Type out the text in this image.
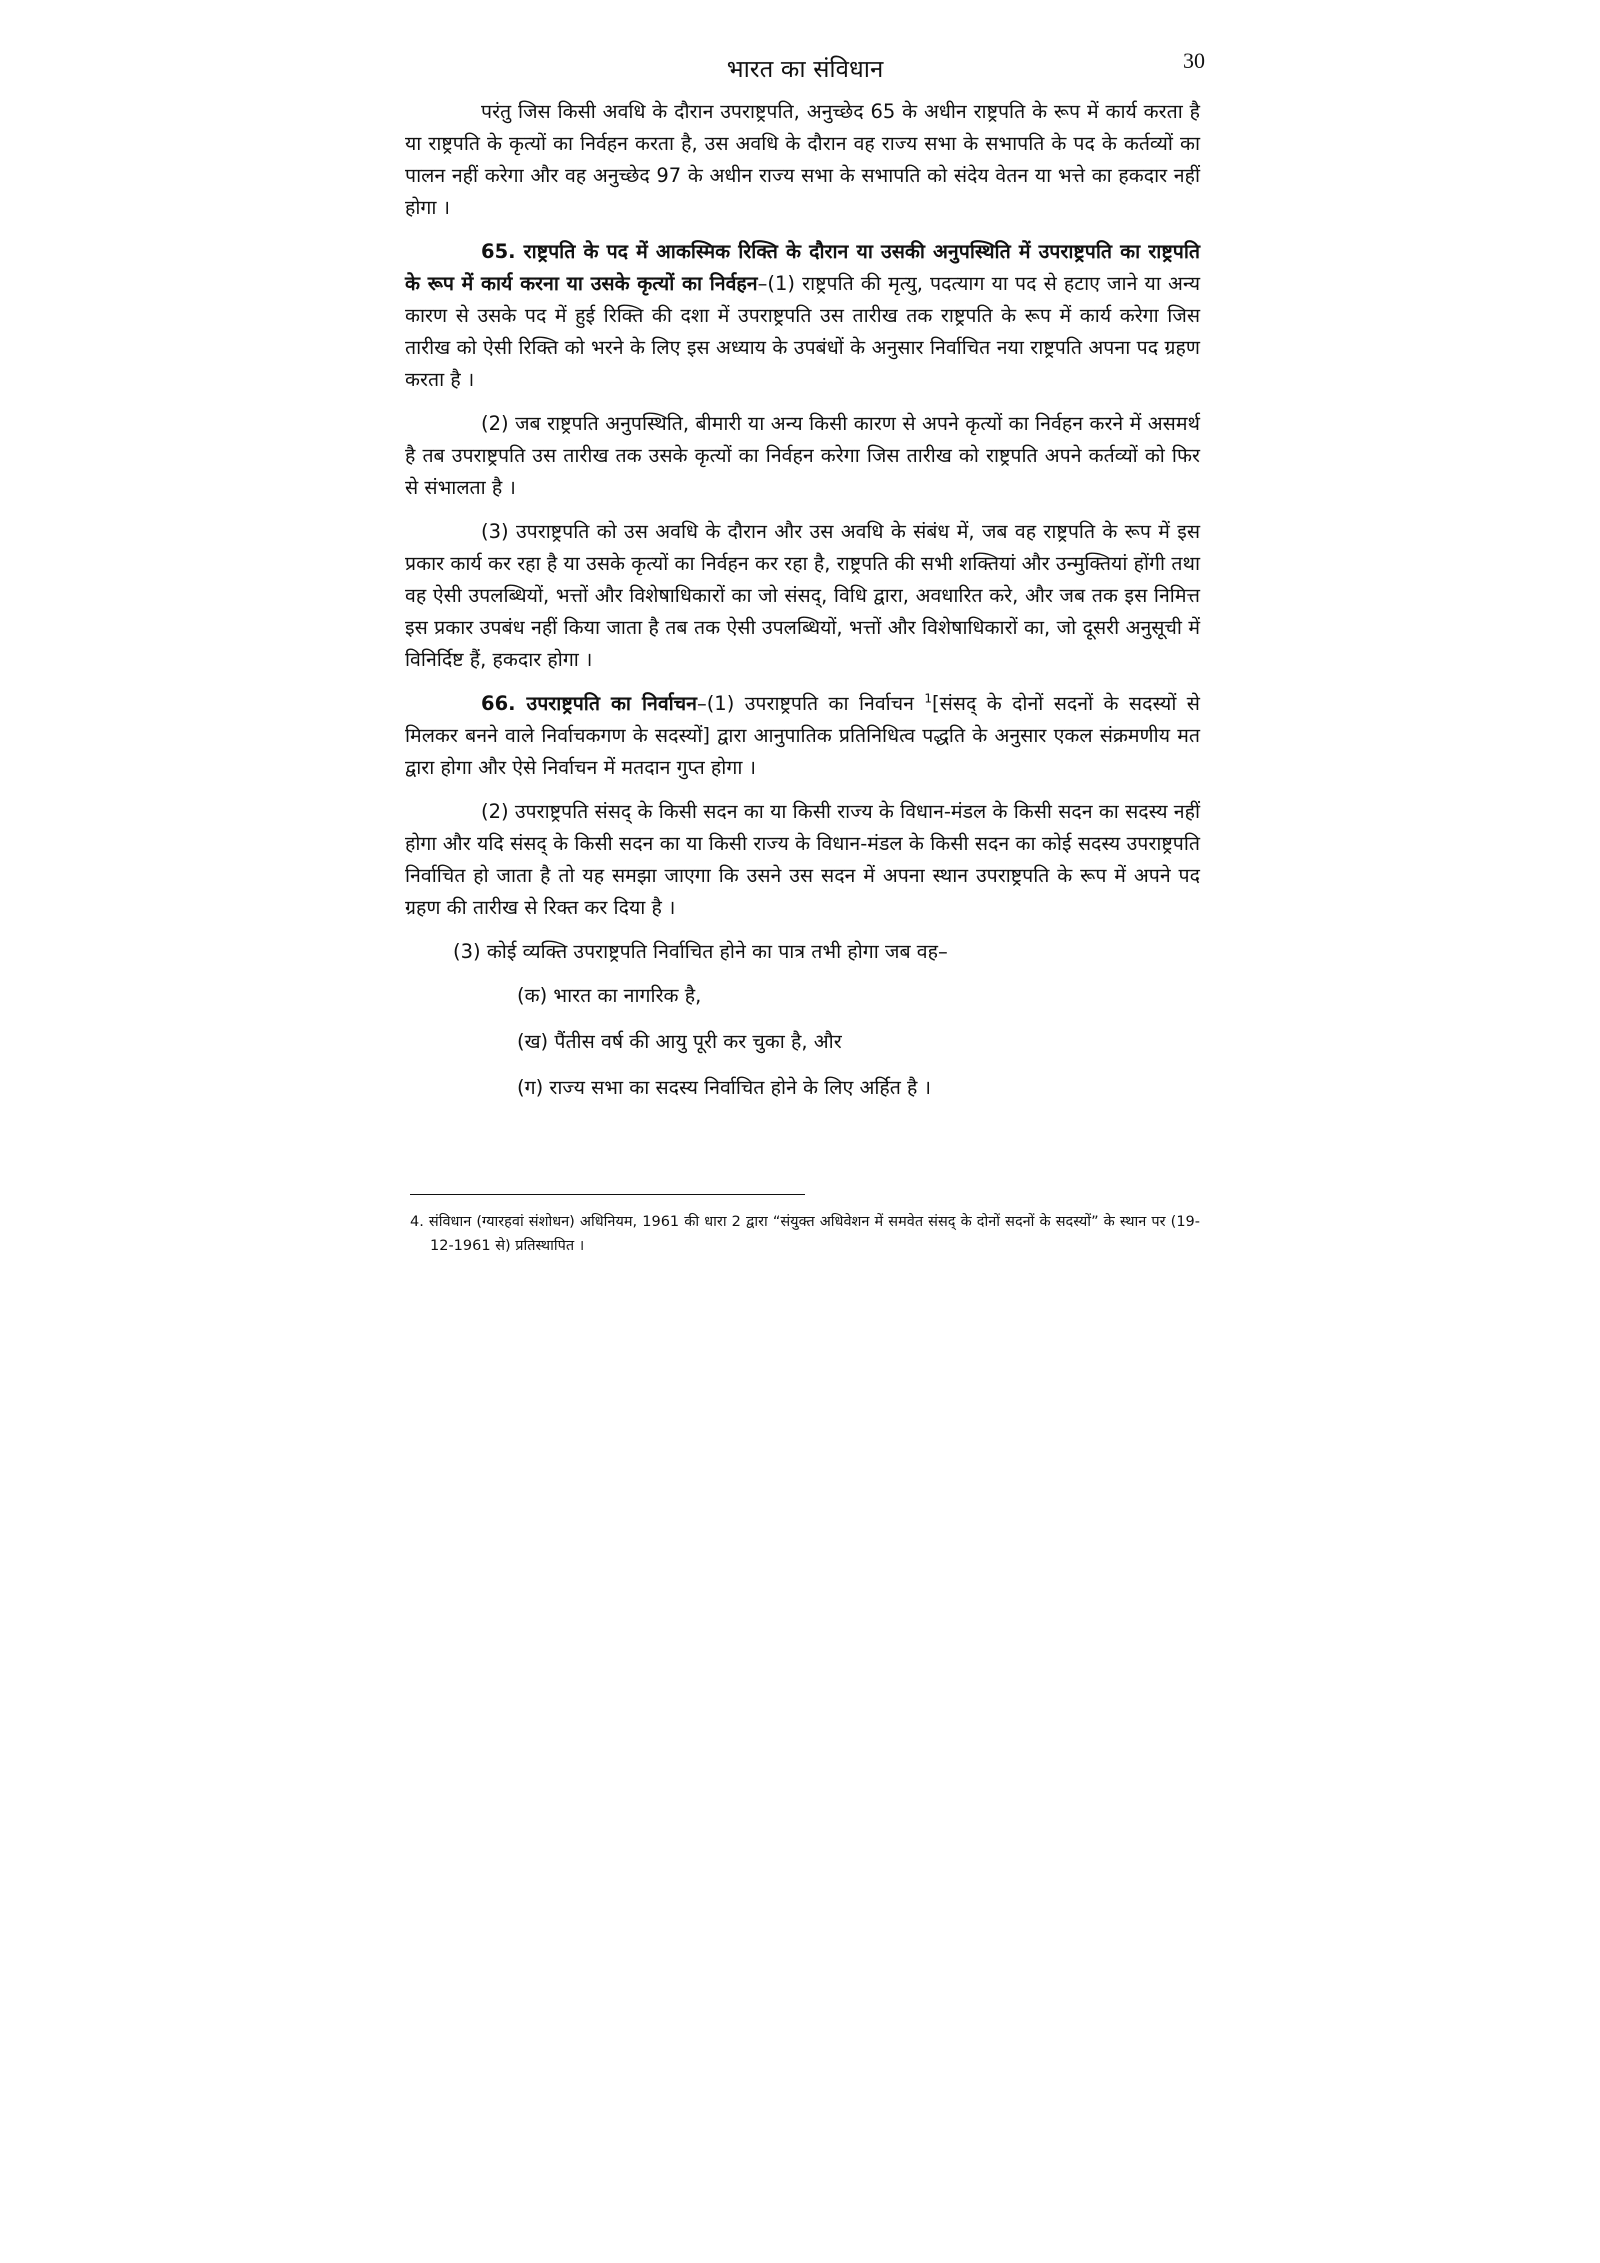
भारत का संविधान	30

परंतु जिस किसी अवधि के दौरान उपराष्ट्रपति, अनुच्छेद 65 के अधीन राष्ट्रपति के रूप में कार्य करता है या राष्ट्रपति के कृत्यों का निर्वहन करता है, उस अवधि के दौरान वह राज्य सभा के सभापति के पद के कर्तव्यों का पालन नहीं करेगा और वह अनुच्छेद 97 के अधीन राज्य सभा के सभापति को संदेय वेतन या भत्ते का हकदार नहीं होगा ।

65. राष्ट्रपति के पद में आकस्मिक रिक्ति के दौरान या उसकी अनुपस्थिति में उपराष्ट्रपति का राष्ट्रपति के रूप में कार्य करना या उसके कृत्यों का निर्वहन–(1) राष्ट्रपति की मृत्यु, पदत्याग या पद से हटाए जाने या अन्य कारण से उसके पद में हुई रिक्ति की दशा में उपराष्ट्रपति उस तारीख तक राष्ट्रपति के रूप में कार्य करेगा जिस तारीख को ऐसी रिक्ति को भरने के लिए इस अध्याय के उपबंधों के अनुसार निर्वाचित नया राष्ट्रपति अपना पद ग्रहण करता है ।

(2) जब राष्ट्रपति अनुपस्थिति, बीमारी या अन्य किसी कारण से अपने कृत्यों का निर्वहन करने में असमर्थ है तब उपराष्ट्रपति उस तारीख तक उसके कृत्यों का निर्वहन करेगा जिस तारीख को राष्ट्रपति अपने कर्तव्यों को फिर से संभालता है ।

(3) उपराष्ट्रपति को उस अवधि के दौरान और उस अवधि के संबंध में, जब वह राष्ट्रपति के रूप में इस प्रकार कार्य कर रहा है या उसके कृत्यों का निर्वहन कर रहा है, राष्ट्रपति की सभी शक्तियां और उन्मुक्तियां होंगी तथा वह ऐसी उपलब्धियों, भत्तों और विशेषाधिकारों का जो संसद्, विधि द्वारा, अवधारित करे, और जब तक इस निमित्त इस प्रकार उपबंध नहीं किया जाता है तब तक ऐसी उपलब्धियों, भत्तों और विशेषाधिकारों का, जो दूसरी अनुसूची में विनिर्दिष्ट हैं, हकदार होगा ।

66. उपराष्ट्रपति का निर्वाचन–(1) उपराष्ट्रपति का निर्वाचन $^1$[संसद् के दोनों सदनों के सदस्यों से मिलकर बनने वाले निर्वाचकगण के सदस्यों] द्वारा आनुपातिक प्रतिनिधित्व पद्धति के अनुसार एकल संक्रमणीय मत द्वारा होगा और ऐसे निर्वाचन में मतदान गुप्त होगा ।

(2) उपराष्ट्रपति संसद् के किसी सदन का या किसी राज्य के विधान-मंडल के किसी सदन का सदस्य नहीं होगा और यदि संसद् के किसी सदन का या किसी राज्य के विधान-मंडल के किसी सदन का कोई सदस्य उपराष्ट्रपति निर्वाचित हो जाता है तो यह समझा जाएगा कि उसने उस सदन में अपना स्थान उपराष्ट्रपति के रूप में अपने पद ग्रहण की तारीख से रिक्त कर दिया है ।

(3) कोई व्यक्ति उपराष्ट्रपति निर्वाचित होने का पात्र तभी होगा जब वह–

(क) भारत का नागरिक है,

(ख) पैंतीस वर्ष की आयु पूरी कर चुका है, और

(ग) राज्य सभा का सदस्य निर्वाचित होने के लिए अर्हित है ।

4. संविधान (ग्यारहवां संशोधन) अधिनियम, 1961 की धारा 2 द्वारा “संयुक्त अधिवेशन में समवेत संसद् के दोनों सदनों के सदस्यों” के स्थान पर (19-12-1961 से) प्रतिस्थापित ।
